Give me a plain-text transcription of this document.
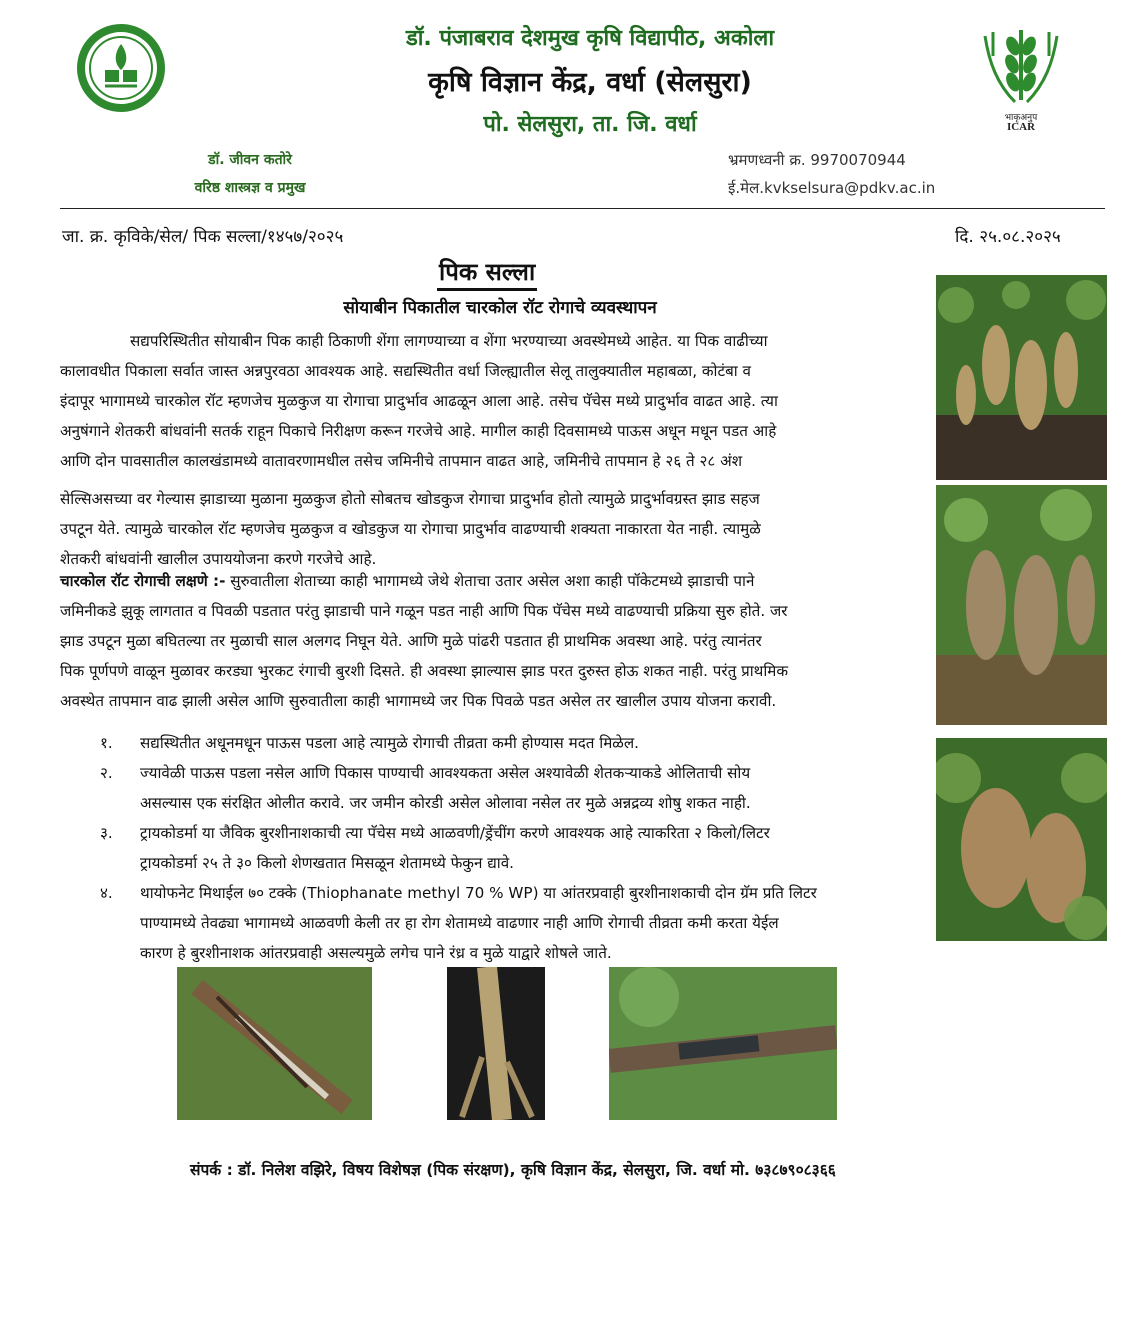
डॉ. पंजाबराव देशमुख कृषि विद्यापीठ, अकोला
कृषि विज्ञान केंद्र, वर्धा (सेलसुरा)
पो. सेलसुरा, ता. जि. वर्धा	भाकृअनुप
ICAR
डॉ. जीवन कतोरे
वरिष्ठ शास्त्रज्ञ व प्रमुख
भ्रमणध्वनी क्र. 9970070944
ई.मेल.kvkselsura@pdkv.ac.in
जा. क्र. कृविके/सेल/ पिक सल्ला/१४५७/२०२५	दि. २५.०८.२०२५
पिक सल्ला
सोयाबीन पिकातील चारकोल रॉट रोगाचे व्यवस्थापन
सद्यपरिस्थितीत सोयाबीन पिक काही ठिकाणी शेंगा लागण्याच्या व शेंगा भरण्याच्या अवस्थेमध्ये आहेत. या पिक वाढीच्या
कालावधीत पिकाला सर्वात जास्त अन्नपुरवठा आवश्यक आहे. सद्यस्थितीत वर्धा जिल्ह्यातील सेलू तालुक्यातील महाबळा, कोटंबा व
इंदापूर भागामध्ये चारकोल रॉट म्हणजेच मुळकुज या रोगाचा प्रादुर्भाव आढळून आला आहे. तसेच पॅचेस मध्ये प्रादुर्भाव वाढत आहे. त्या
अनुषंगाने शेतकरी बांधवांनी सतर्क राहून पिकाचे निरीक्षण करून गरजेचे आहे. मागील काही दिवसामध्ये पाऊस अधून मधून पडत आहे
आणि दोन पावसातील कालखंडामध्ये वातावरणामधील तसेच जमिनीचे तापमान वाढत आहे, जमिनीचे तापमान हे २६ ते २८ अंश
सेल्सिअसच्या वर गेल्यास झाडाच्या मुळाना मुळकुज होतो सोबतच खोडकुज रोगाचा प्रादुर्भाव होतो त्यामुळे प्रादुर्भावग्रस्त झाड सहज
उपटून येते. त्यामुळे चारकोल रॉट म्हणजेच मुळकुज व खोडकुज या रोगाचा प्रादुर्भाव वाढण्याची शक्यता नाकारता येत नाही. त्यामुळे
शेतकरी बांधवांनी खालील उपाययोजना करणे गरजेचे आहे.
चारकोल रॉट रोगाची लक्षणे :- सुरुवातीला शेताच्या काही भागामध्ये जेथे शेताचा उतार असेल अशा काही पॉकेटमध्ये झाडाची पाने
जमिनीकडे झुकू लागतात व पिवळी पडतात परंतु झाडाची पाने गळून पडत नाही आणि पिक पॅचेस मध्ये वाढण्याची प्रक्रिया सुरु होते. जर
झाड उपटून मुळा बघितल्या तर मुळाची साल अलगद निघून येते. आणि मुळे पांढरी पडतात ही प्राथमिक अवस्था आहे. परंतु त्यानंतर
पिक पूर्णपणे वाळून मुळावर करड्या भुरकट रंगाची बुरशी दिसते. ही अवस्था झाल्यास झाड परत दुरुस्त होऊ शकत नाही. परंतु प्राथमिक
अवस्थेत तापमान वाढ झाली असेल आणि सुरुवातीला काही भागामध्ये जर पिक पिवळे पडत असेल तर खालील उपाय योजना करावी.
१.	सद्यस्थितीत अधूनमधून पाऊस पडला आहे त्यामुळे रोगाची तीव्रता कमी होण्यास मदत मिळेल.
२.	ज्यावेळी पाऊस पडला नसेल आणि पिकास पाण्याची आवश्यकता असेल अश्यावेळी शेतकऱ्याकडे ओलिताची सोय
असल्यास एक संरक्षित ओलीत करावे. जर जमीन कोरडी असेल ओलावा नसेल तर मुळे अन्नद्रव्य शोषु शकत नाही.
३.	ट्रायकोडर्मा या जैविक बुरशीनाशकाची त्या पॅचेस मध्ये आळवणी/ड्रेंचींग करणे आवश्यक आहे त्याकरिता २ किलो/लिटर
ट्रायकोडर्मा २५ ते ३० किलो शेणखतात मिसळून शेतामध्ये फेकुन द्यावे.
४.	थायोफनेट मिथाईल ७० टक्के (Thiophanate methyl 70 % WP) या आंतरप्रवाही बुरशीनाशकाची दोन ग्रॅम प्रति लिटर
पाण्यामध्ये तेवढ्या भागामध्ये आळवणी केली तर हा रोग शेतामध्ये वाढणार नाही आणि रोगाची तीव्रता कमी करता येईल
कारण हे बुरशीनाशक आंतरप्रवाही असल्यमुळे लगेच पाने रंध्र व मुळे याद्वारे शोषले जाते.
संपर्क : डॉ. निलेश वझिरे, विषय विशेषज्ञ (पिक संरक्षण), कृषि विज्ञान केंद्र, सेलसुरा, जि. वर्धा मो. ७३८७९०८३६६
